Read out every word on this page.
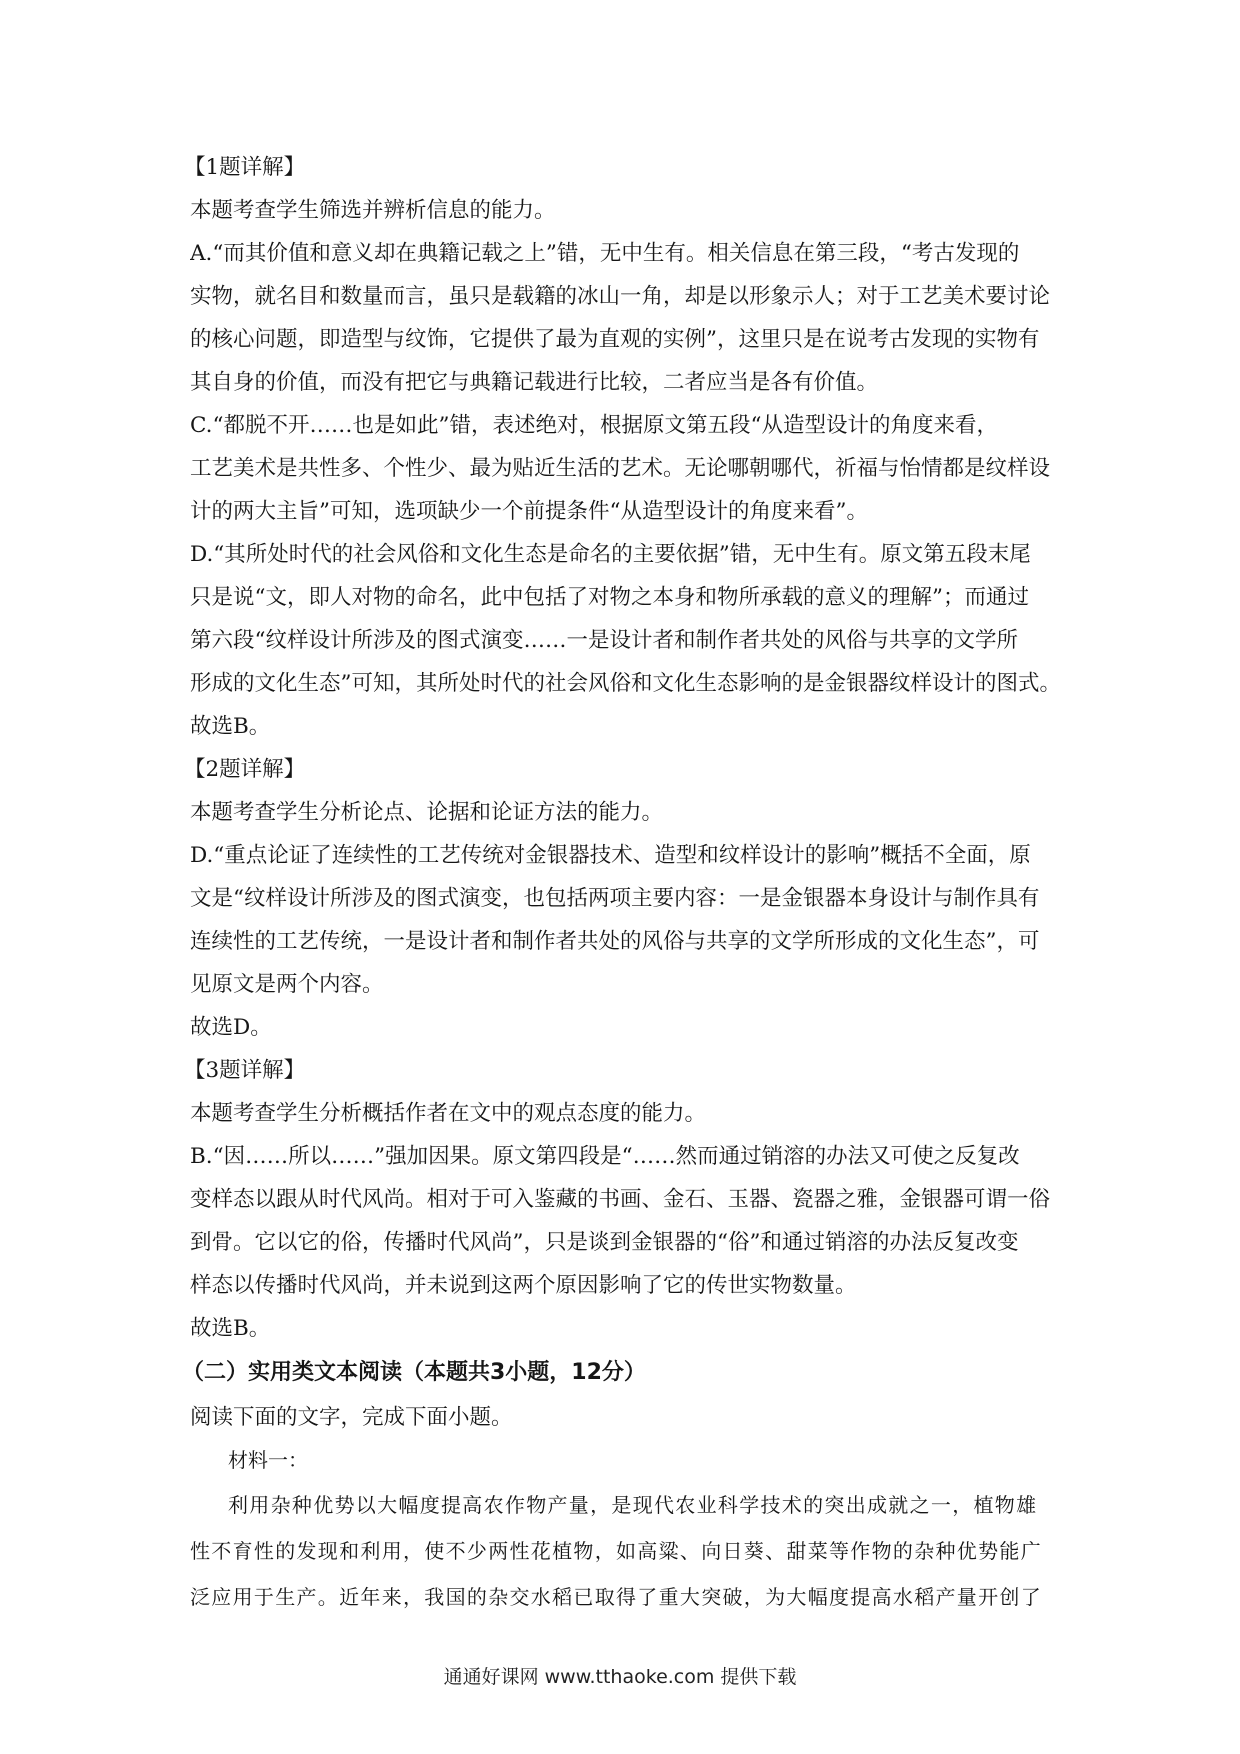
【1题详解】
本题考查学生筛选并辨析信息的能力。
A.“而其价值和意义却在典籍记载之上”错，无中生有。相关信息在第三段，“考古发现的
实物，就名目和数量而言，虽只是载籍的冰山一角，却是以形象示人；对于工艺美术要讨论
的核心问题，即造型与纹饰，它提供了最为直观的实例”，这里只是在说考古发现的实物有
其自身的价值，而没有把它与典籍记载进行比较，二者应当是各有价值。
C.“都脱不开……也是如此”错，表述绝对，根据原文第五段“从造型设计的角度来看，
工艺美术是共性多、个性少、最为贴近生活的艺术。无论哪朝哪代，祈福与怡情都是纹样设
计的两大主旨”可知，选项缺少一个前提条件“从造型设计的角度来看”。
D.“其所处时代的社会风俗和文化生态是命名的主要依据”错，无中生有。原文第五段末尾
只是说“文，即人对物的命名，此中包括了对物之本身和物所承载的意义的理解”；而通过
第六段“纹样设计所涉及的图式演变……一是设计者和制作者共处的风俗与共享的文学所
形成的文化生态”可知，其所处时代的社会风俗和文化生态影响的是金银器纹样设计的图式。
故选B。
【2题详解】
本题考查学生分析论点、论据和论证方法的能力。
D.“重点论证了连续性的工艺传统对金银器技术、造型和纹样设计的影响”概括不全面，原
文是“纹样设计所涉及的图式演变，也包括两项主要内容：一是金银器本身设计与制作具有
连续性的工艺传统，一是设计者和制作者共处的风俗与共享的文学所形成的文化生态”，可
见原文是两个内容。
故选D。
【3题详解】
本题考查学生分析概括作者在文中的观点态度的能力。
B.“因……所以……”强加因果。原文第四段是“……然而通过销溶的办法又可使之反复改
变样态以跟从时代风尚。相对于可入鉴藏的书画、金石、玉器、瓷器之雅，金银器可谓一俗
到骨。它以它的俗，传播时代风尚”，只是谈到金银器的“俗”和通过销溶的办法反复改变
样态以传播时代风尚，并未说到这两个原因影响了它的传世实物数量。
故选B。
（二）实用类文本阅读（本题共3小题，12分）
阅读下面的文字，完成下面小题。
材料一：
利用杂种优势以大幅度提高农作物产量，是现代农业科学技术的突出成就之一，植物雄
性不育性的发现和利用，使不少两性花植物，如高粱、向日葵、甜菜等作物的杂种优势能广
泛应用于生产。近年来，我国的杂交水稻已取得了重大突破，为大幅度提高水稻产量开创了
通通好课网 www.tthaoke.com 提供下载
